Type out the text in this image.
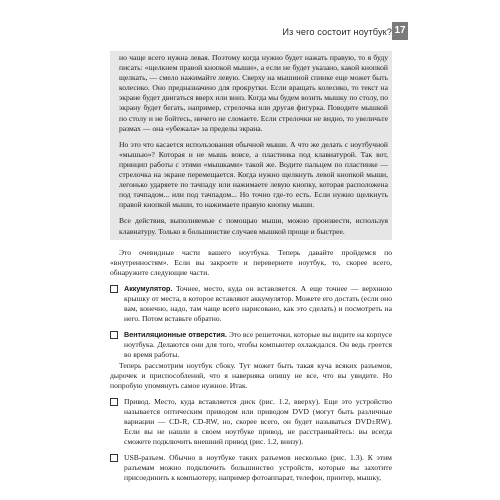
Из чего состоит ноутбук? 17

но чаще всего нужна левая. Поэтому когда нужно будет нажать правую, то я буду писать: «щелкнем правой кнопкой мыши», а если не будет указано, какой кнопкой щелкать, — смело нажимайте левую. Сверху на мышиной спинке еще может быть колесико. Оно предназначено для прокрутки. Если вращать колесико, то текст на экране будет двигаться вверх или вниз. Когда мы будем возить мышку по столу, по экрану будет бегать, например, стрелочка или другая фигурка. Поводите мышкой по столу и не бойтесь, ничего не сломаете. Если стрелочки не видно, то увеличьте размах — она «убежала» за пределы экрана.

Но это что касается использования обычной мыши. А что же делать с ноутбучной «мышью»? Которая и не мышь вовсе, а пластинка под клавиатурой. Так вот, принцип работы с этими «мышками» такой же. Водите пальцем по пластинке — стрелочка на экране перемещается. Когда нужно щелкнуть левой кнопкой мыши, легонько ударяете по тачпаду или нажимаете левую кнопку, которая расположена под тачпадом... или под тачпадом... Но точно где-то есть. Если нужно щелкнуть правой кнопкой мыши, то нажимаете правую кнопку мыши.

Все действия, выполняемые с помощью мыши, можно произвести, используя клавиатуру. Только в большинстве случаев мышкой проще и быстрее.

Это очевидные части вашего ноутбука. Теперь давайте пройдемся по «внутренностям». Если вы закроете и перевернете ноутбук, то, скорее всего, обнаружите следующие части.

Аккумулятор. Точнее, место, куда он вставляется. А еще точнее — верхнюю крышку от места, в которое вставляют аккумулятор. Можете его достать (если оно вам, конечно, надо, там чаще всего нарисовано, как это сделать) и посмотреть на него. Потом вставьте обратно.
Вентиляционные отверстия. Это все решеточки, которые вы видите на корпусе ноутбука. Делаются они для того, чтобы компьютер охлаждался. Он ведь греется во время работы.

Теперь рассмотрим ноутбук сбоку. Тут может быть такая куча всяких разъемов, дырочек и приспособлений, что я наверняка опишу не все, что вы увидите. Но попробую упомянуть самое нужное. Итак.

Привод. Место, куда вставляется диск (рис. 1.2, вверху). Еще это устройство называется оптическим приводом или приводом DVD (могут быть различные вариации — CD-R, CD-RW, но, скорее всего, он будет называться DVD±RW). Если вы не нашли в своем ноутбуке привод, не расстраивайтесь: вы всегда сможете подключить внешний привод (рис. 1.2, внизу).
USB-разъем. Обычно в ноутбуке таких разъемов несколько (рис. 1.3). К этим разъемам можно подключить большинство устройств, которые вы захотите присоединить к компьютеру, например фотоаппарат, телефон, принтер, мышку,
